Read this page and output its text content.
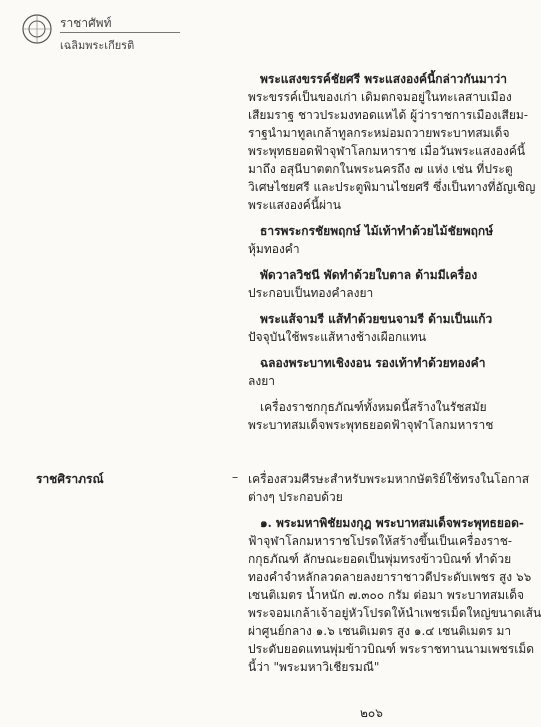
ราชาศัพท์
เฉลิมพระเกียรติ
พระแสงขรรค์ชัยศรี พระแสงองค์นี้กล่าวกันมาว่า
พระขรรค์เป็นของเก่า เดิมตกจมอยู่ในทะเลสาบเมือง
เสียมราฐ ชาวประมงทอดแหได้ ผู้ว่าราชการเมืองเสียม-
ราฐนำมาทูลเกล้าทูลกระหม่อมถวายพระบาทสมเด็จ
พระพุทธยอดฟ้าจุฬาโลกมหาราช เมื่อวันพระแสงองค์นี้
มาถึง อสุนีบาตตกในพระนครถึง ๗ แห่ง เช่น ที่ประตู
วิเศษไชยศรี และประตูพิมานไชยศรี ซึ่งเป็นทางที่อัญเชิญ
พระแสงองค์นี้ผ่าน
ธารพระกรชัยพฤกษ์ ไม้เท้าทำด้วยไม้ชัยพฤกษ์
หุ้มทองคำ
พัดวาลวิชนี พัดทำด้วยใบตาล ด้ามมีเครื่อง
ประกอบเป็นทองคำลงยา
พระแส้จามรี แส้ทำด้วยขนจามรี ด้ามเป็นแก้ว
ปัจจุบันใช้พระแส้หางช้างเผือกแทน
ฉลองพระบาทเชิงงอน รองเท้าทำด้วยทองคำ
ลงยา
เครื่องราชกกุธภัณฑ์ทั้งหมดนี้สร้างในรัชสมัย
พระบาทสมเด็จพระพุทธยอดฟ้าจุฬาโลกมหาราช
ราชศิราภรณ์	– เครื่องสวมศีรษะสำหรับพระมหากษัตริย์ใช้ทรงในโอกาส
ต่างๆ ประกอบด้วย
๑. พระมหาพิชัยมงกุฎ พระบาทสมเด็จพระพุทธยอด-
ฟ้าจุฬาโลกมหาราชโปรดให้สร้างขึ้นเป็นเครื่องราช-
กกุธภัณฑ์ ลักษณะยอดเป็นพุ่มทรงข้าวบิณฑ์ ทำด้วย
ทองคำจำหลักลวดลายลงยาราชาวดีประดับเพชร สูง ๖๖
เซนติเมตร น้ำหนัก ๗.๓๐๐ กรัม ต่อมา พระบาทสมเด็จ
พระจอมเกล้าเจ้าอยู่หัวโปรดให้นำเพชรเม็ดใหญ่ขนาดเส้น
ผ่าศูนย์กลาง ๑.๖ เซนติเมตร สูง ๑.๔ เซนติเมตร มา
ประดับยอดแทนพุ่มข้าวบิณฑ์ พระราชทานนามเพชรเม็ด
นี้ว่า "พระมหาวิเชียรมณี"
๒๐๖
